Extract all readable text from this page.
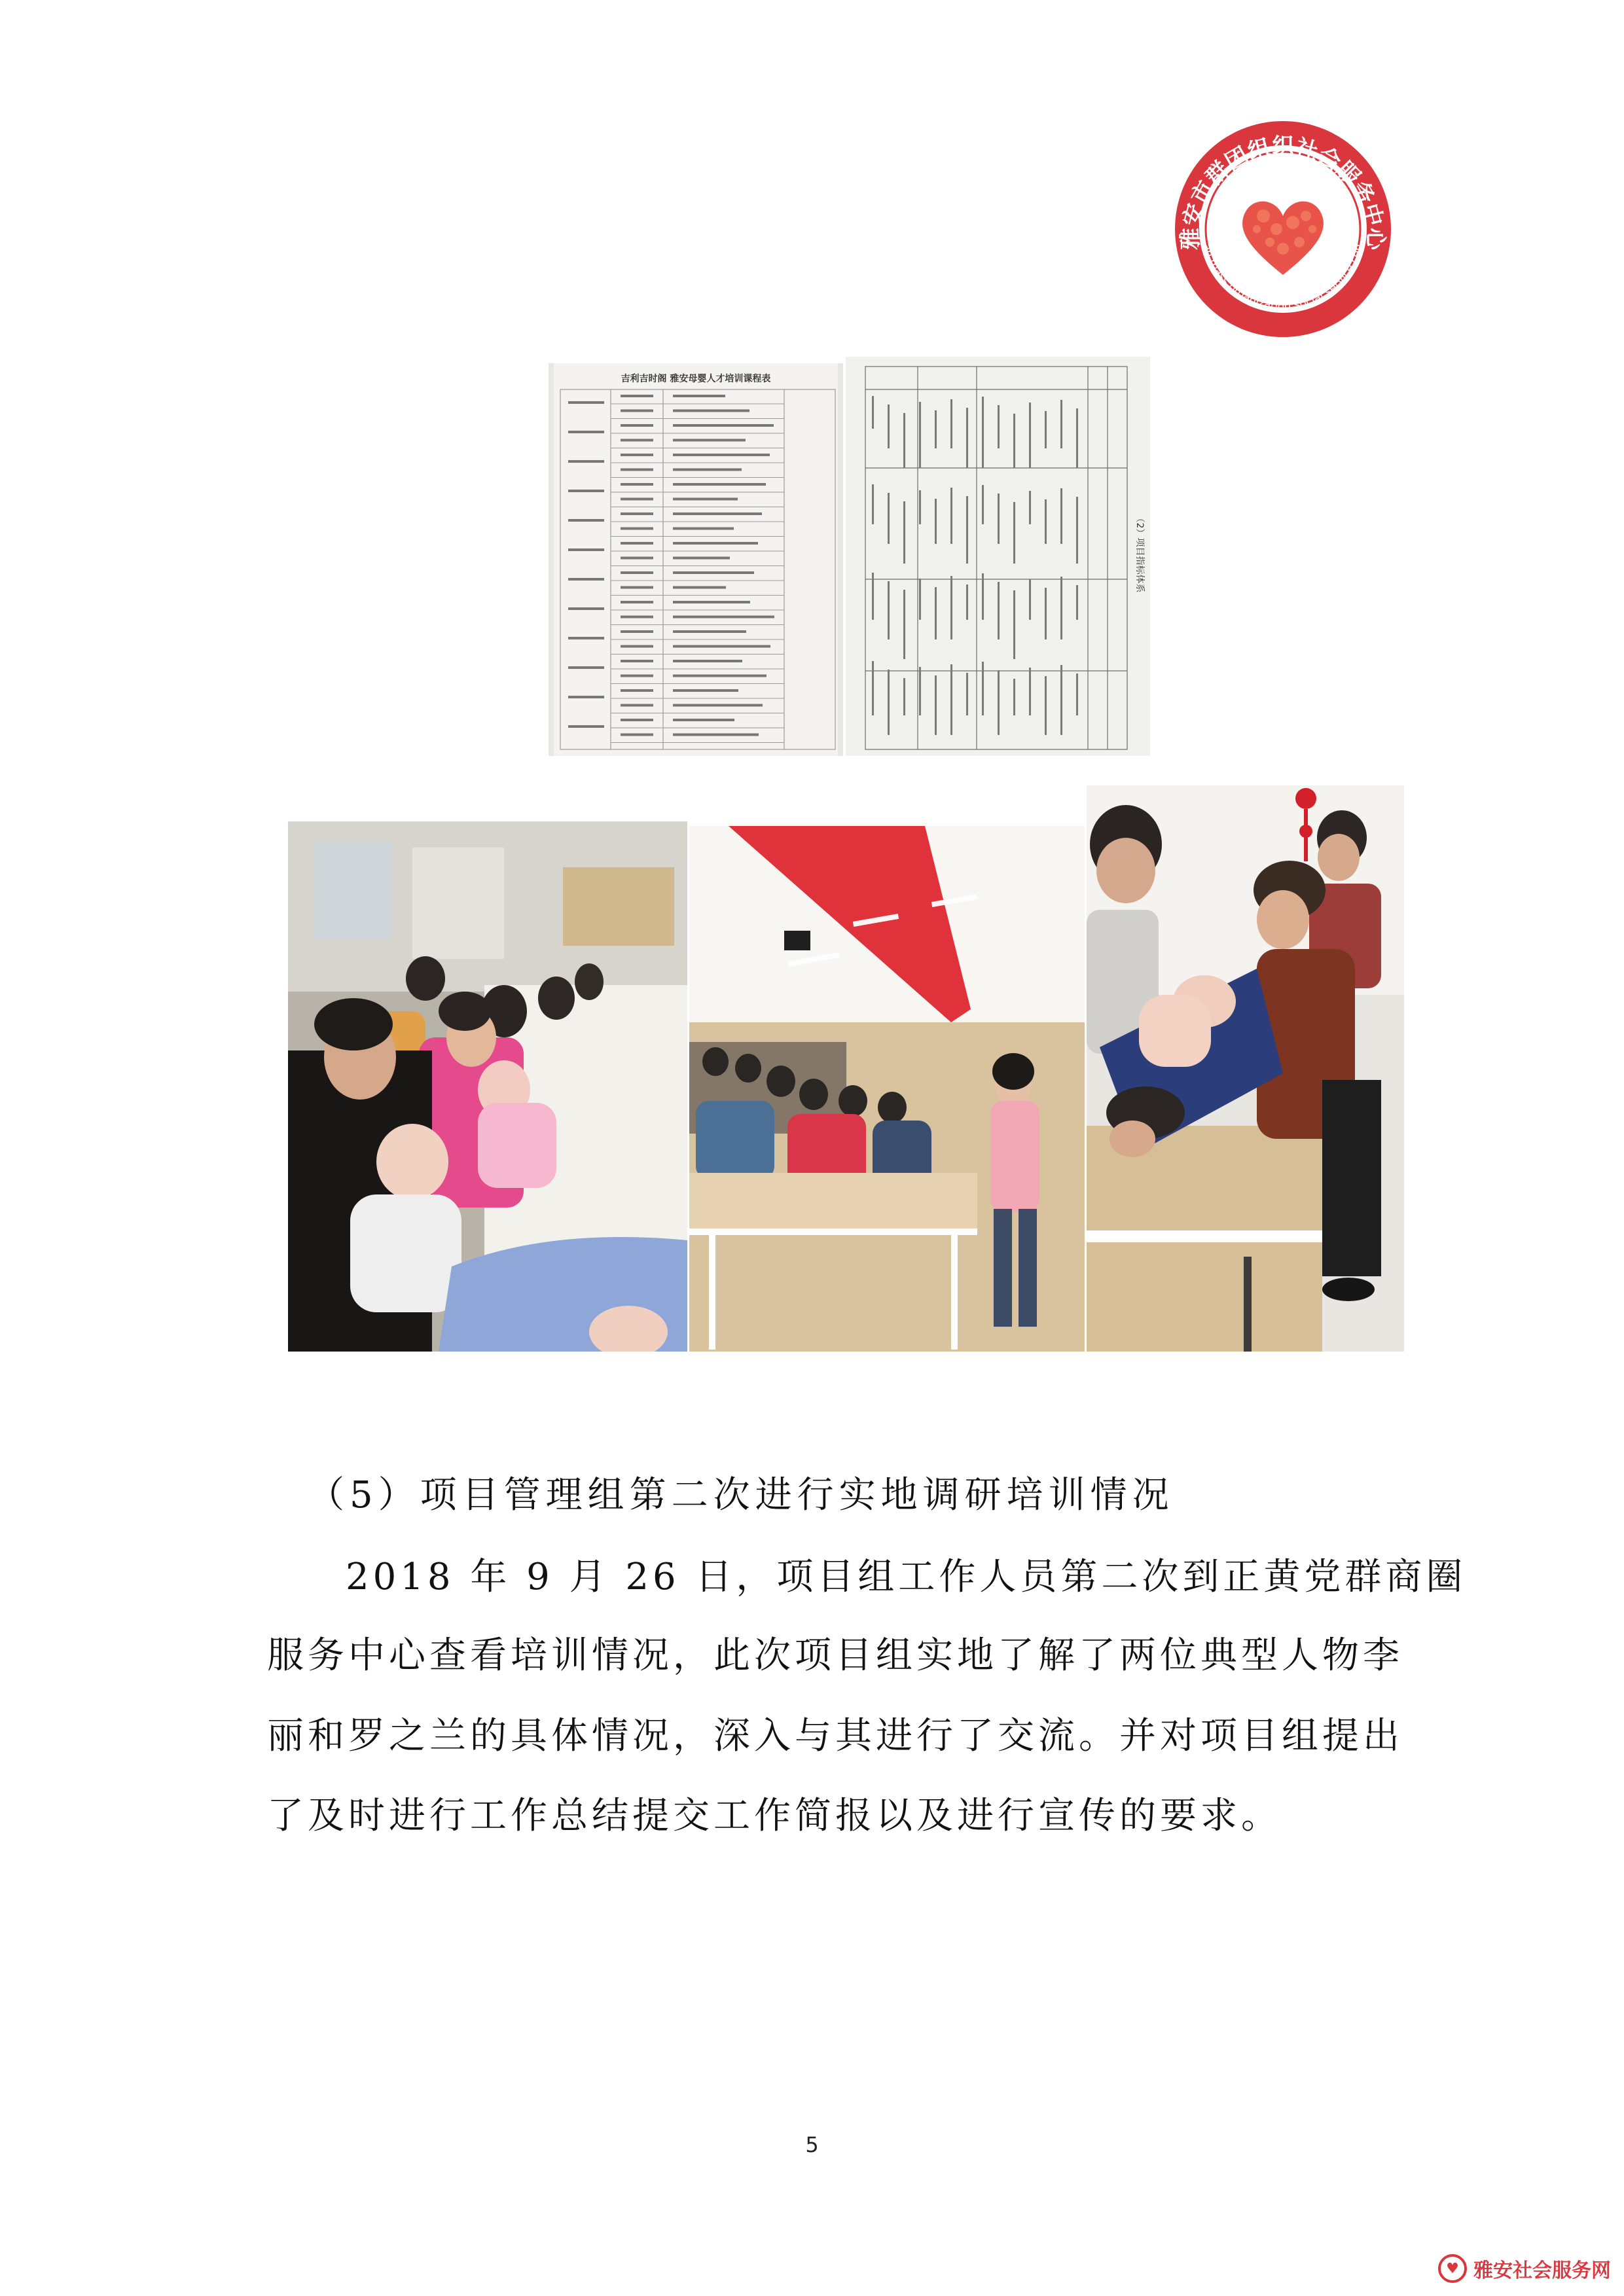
雅安市群团组织社会服务中心
an mass organization social service cen
吉利吉时阁 雅安母婴人才培训课程表
（2）项目指标体系
（5）项目管理组第二次进行实地调研培训情况
2018 年 9 月 26 日，项目组工作人员第二次到正黄党群商圈
服务中心查看培训情况，此次项目组实地了解了两位典型人物李
丽和罗之兰的具体情况，深入与其进行了交流。并对项目组提出
了及时进行工作总结提交工作简报以及进行宣传的要求。
5
♥ 雅安社会服务网
